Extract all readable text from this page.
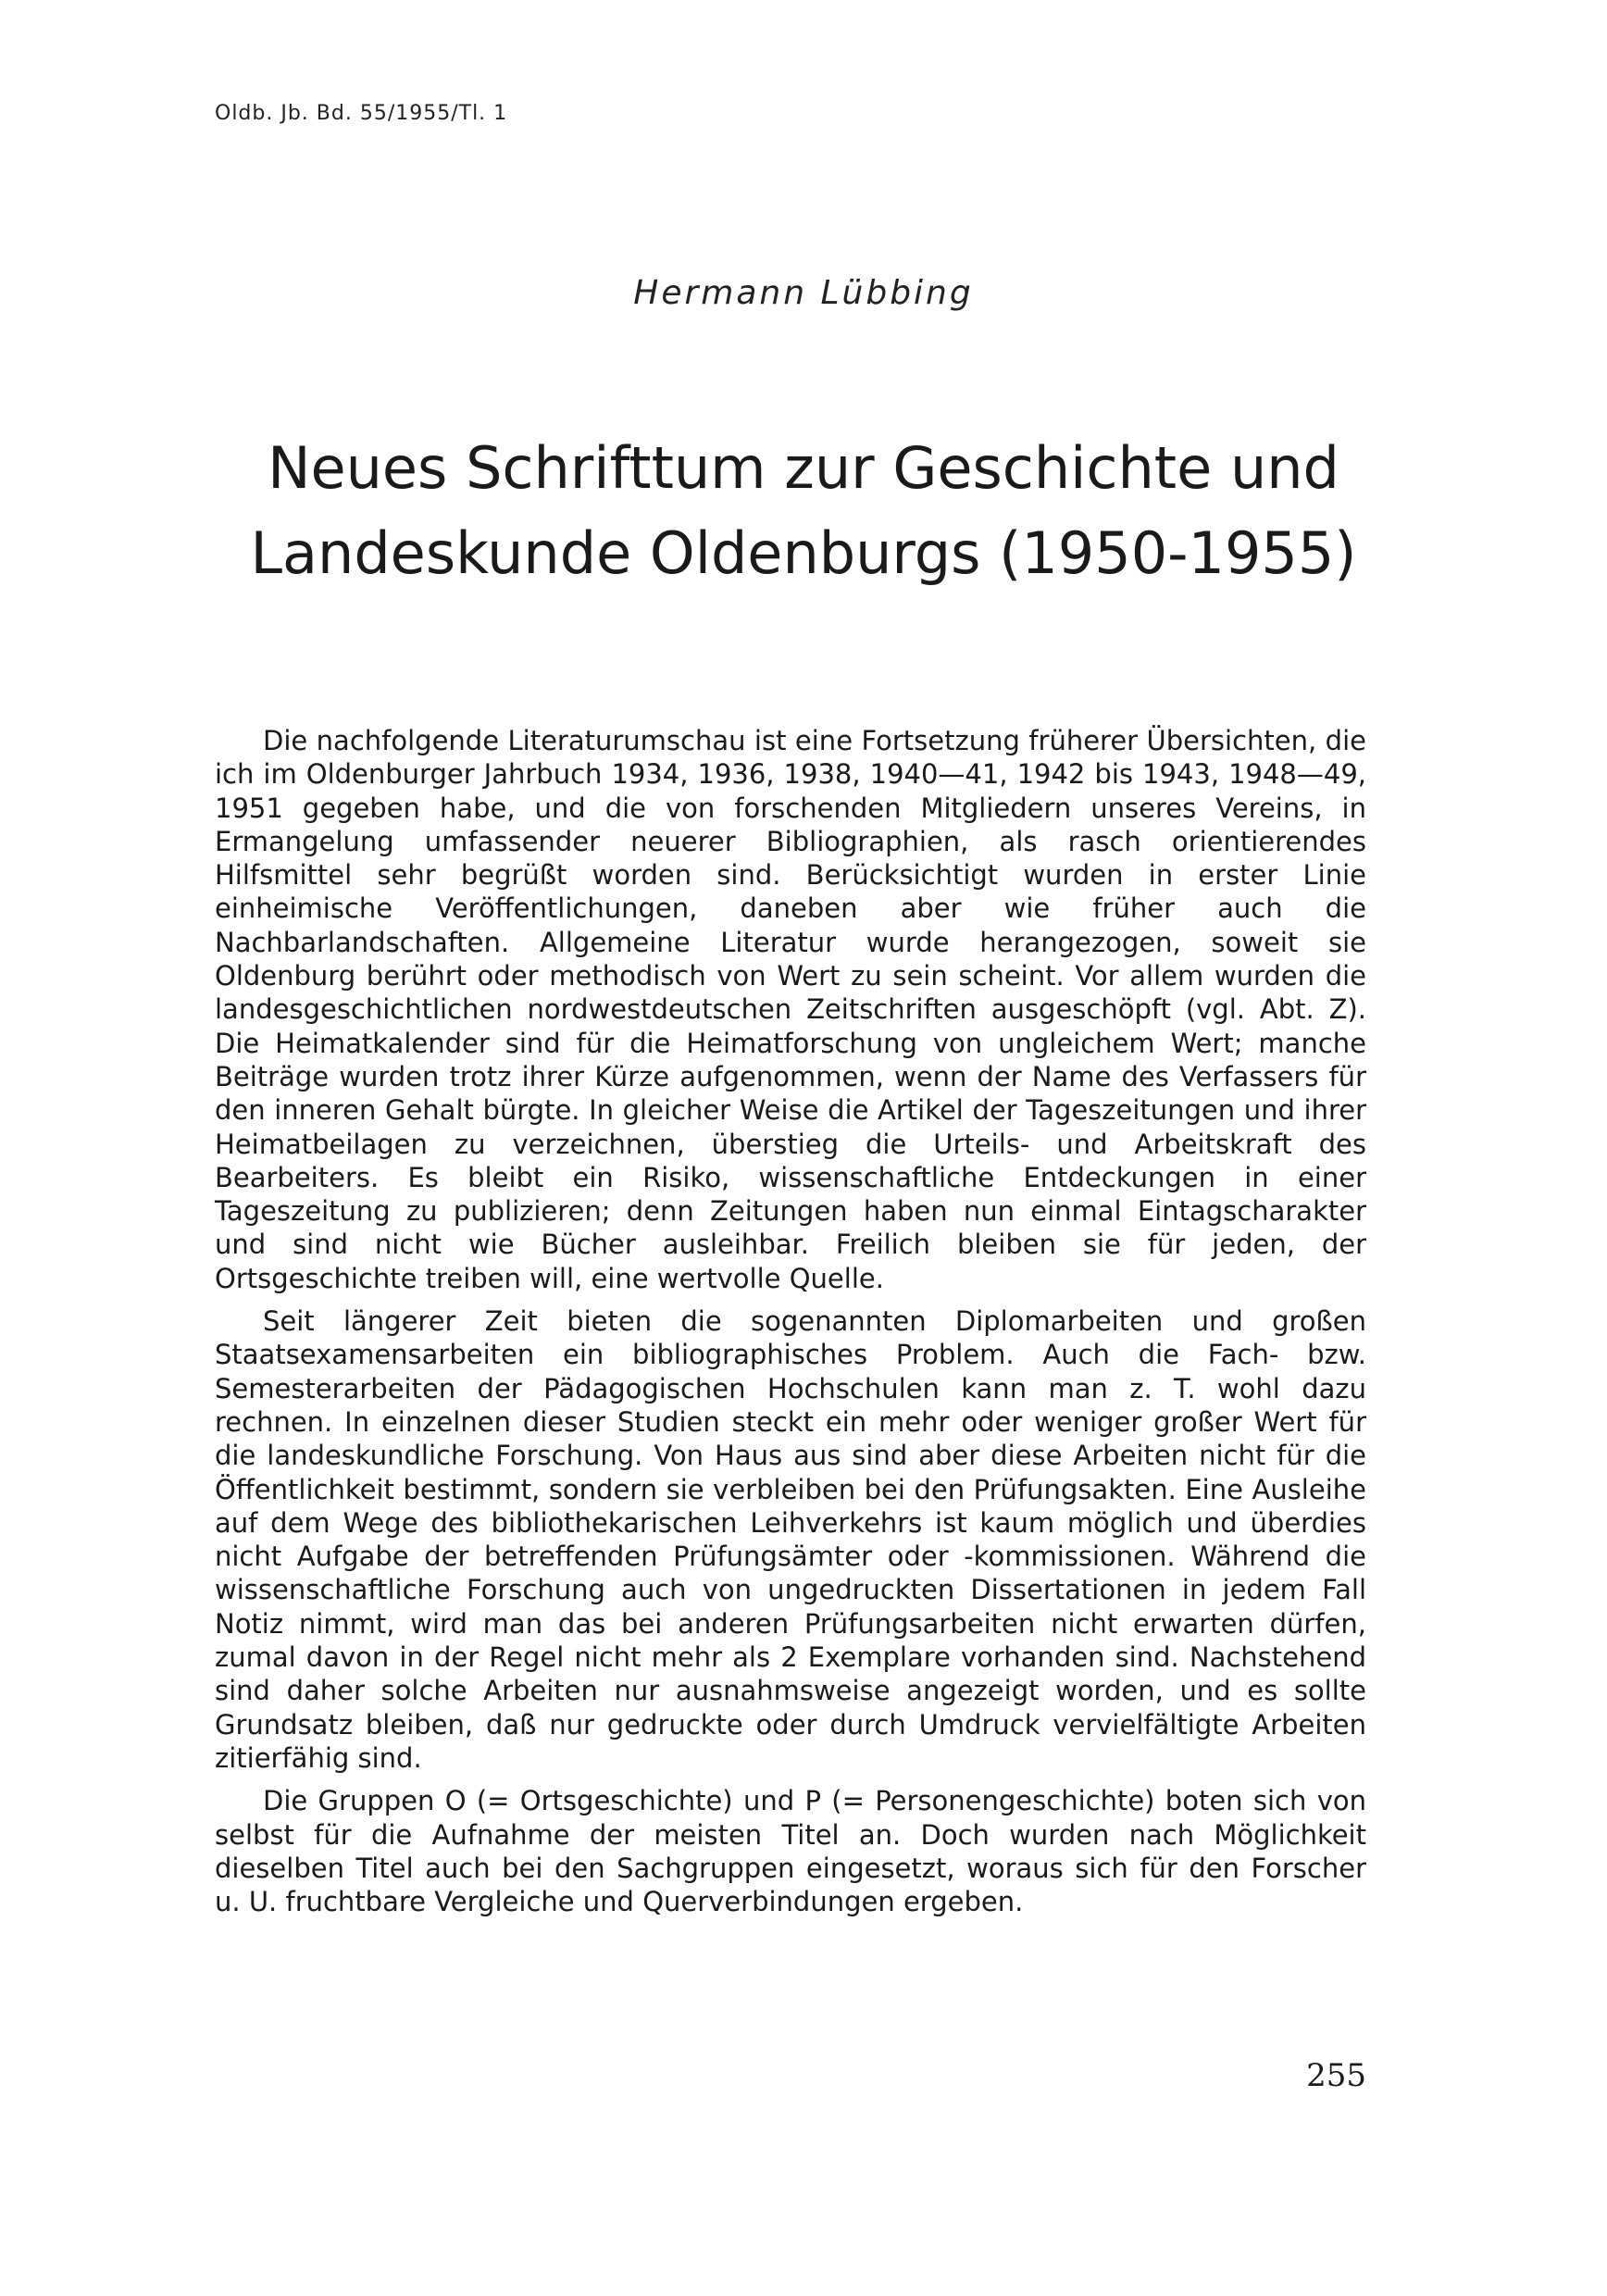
Oldb. Jb. Bd. 55/1955/Tl. 1
Hermann Lübbing
Neues Schrifttum zur Geschichte und
Landeskunde Oldenburgs (1950-1955)

Die nachfolgende Literaturumschau ist eine Fortsetzung früherer Übersichten, die ich im Oldenburger Jahrbuch 1934, 1936, 1938, 1940—41, 1942 bis 1943, 1948—49, 1951 gegeben habe, und die von forschenden Mitgliedern unseres Vereins, in Ermangelung umfassender neuerer Bibliographien, als rasch orientierendes Hilfsmittel sehr begrüßt worden sind. Berücksichtigt wurden in erster Linie einheimische Veröffentlichungen, daneben aber wie früher auch die Nachbarlandschaften. Allgemeine Literatur wurde herangezogen, soweit sie Oldenburg berührt oder methodisch von Wert zu sein scheint. Vor allem wurden die landesgeschichtlichen nordwestdeutschen Zeitschriften ausgeschöpft (vgl. Abt. Z). Die Heimatkalender sind für die Heimatforschung von ungleichem Wert; manche Beiträge wurden trotz ihrer Kürze aufgenommen, wenn der Name des Verfassers für den inneren Gehalt bürgte. In gleicher Weise die Artikel der Tageszeitungen und ihrer Heimatbeilagen zu verzeichnen, überstieg die Urteils- und Arbeitskraft des Bearbeiters. Es bleibt ein Risiko, wissenschaftliche Entdeckungen in einer Tageszeitung zu publizieren; denn Zeitungen haben nun einmal Eintagscharakter und sind nicht wie Bücher ausleihbar. Freilich bleiben sie für jeden, der Ortsgeschichte treiben will, eine wertvolle Quelle.

Seit längerer Zeit bieten die sogenannten Diplomarbeiten und großen Staatsexamensarbeiten ein bibliographisches Problem. Auch die Fach- bzw. Semesterarbeiten der Pädagogischen Hochschulen kann man z. T. wohl dazu rechnen. In einzelnen dieser Studien steckt ein mehr oder weniger großer Wert für die landeskundliche Forschung. Von Haus aus sind aber diese Arbeiten nicht für die Öffentlichkeit bestimmt, sondern sie verbleiben bei den Prüfungsakten. Eine Ausleihe auf dem Wege des bibliothekarischen Leihverkehrs ist kaum möglich und überdies nicht Aufgabe der betreffenden Prüfungsämter oder -kommissionen. Während die wissenschaftliche Forschung auch von ungedruckten Dissertationen in jedem Fall Notiz nimmt, wird man das bei anderen Prüfungsarbeiten nicht erwarten dürfen, zumal davon in der Regel nicht mehr als 2 Exemplare vorhanden sind. Nachstehend sind daher solche Arbeiten nur ausnahmsweise angezeigt worden, und es sollte Grundsatz bleiben, daß nur gedruckte oder durch Umdruck vervielfältigte Arbeiten zitierfähig sind.

Die Gruppen O (= Ortsgeschichte) und P (= Personengeschichte) boten sich von selbst für die Aufnahme der meisten Titel an. Doch wurden nach Möglichkeit dieselben Titel auch bei den Sachgruppen eingesetzt, woraus sich für den Forscher u. U. fruchtbare Vergleiche und Querverbindungen ergeben.

255
